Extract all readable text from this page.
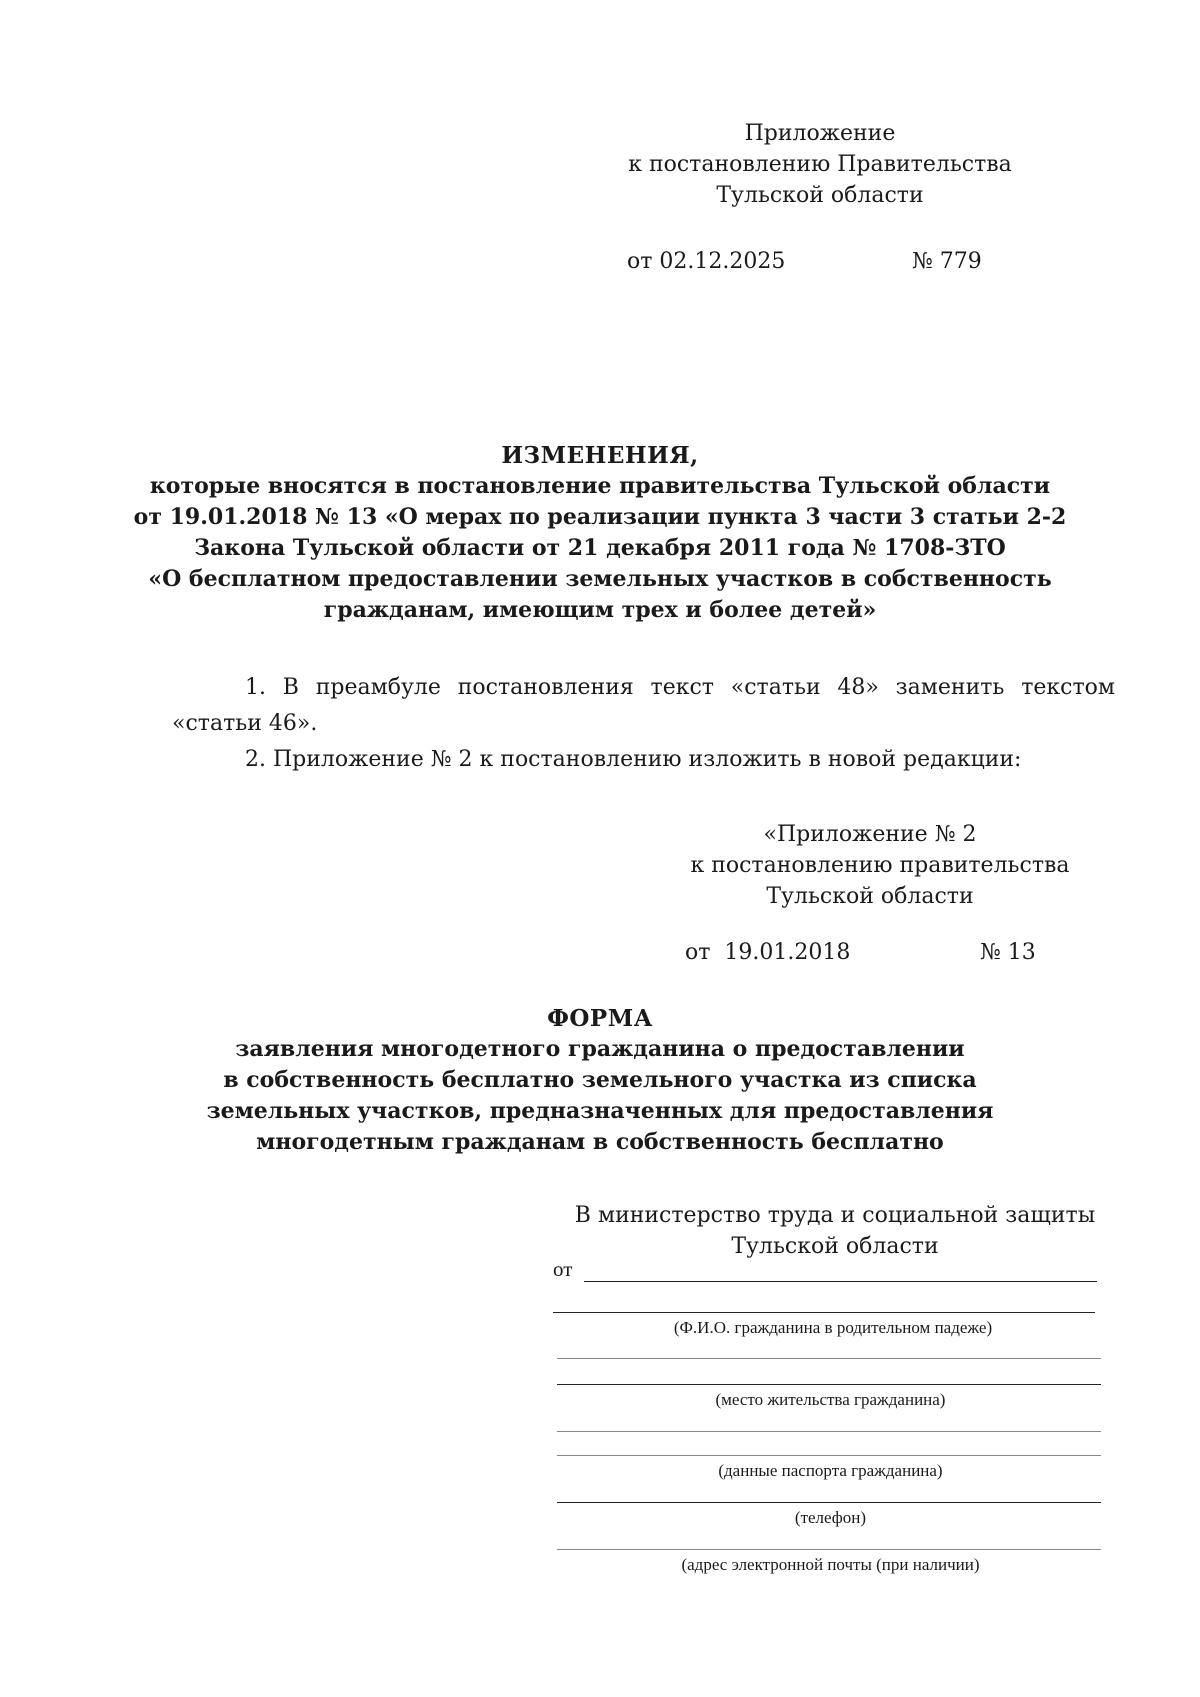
Приложение
к постановлению Правительства
Тульской области
от 02.12.2025	№ 779
ИЗМЕНЕНИЯ,
которые вносятся в постановление правительства Тульской области
от 19.01.2018 № 13 «О мерах по реализации пункта 3 части 3 статьи 2-2
Закона Тульской области от 21 декабря 2011 года № 1708-ЗТО
«О бесплатном предоставлении земельных участков в собственность
гражданам, имеющим трех и более детей»
1. В преамбуле постановления текст «статьи 48» заменить текстом
«статьи 46».
2. Приложение № 2 к постановлению изложить в новой редакции:
«Приложение № 2
к постановлению правительства
Тульской области
от  19.01.2018	№ 13
ФОРМА
заявления многодетного гражданина о предоставлении
в собственность бесплатно земельного участка из списка
земельных участков, предназначенных для предоставления
многодетным гражданам в собственность бесплатно
В министерство труда и социальной защиты
Тульской области
от
(Ф.И.О. гражданина в родительном падеже)
(место жительства гражданина)
(данные паспорта гражданина)
(телефон)
(адрес электронной почты (при наличии)
